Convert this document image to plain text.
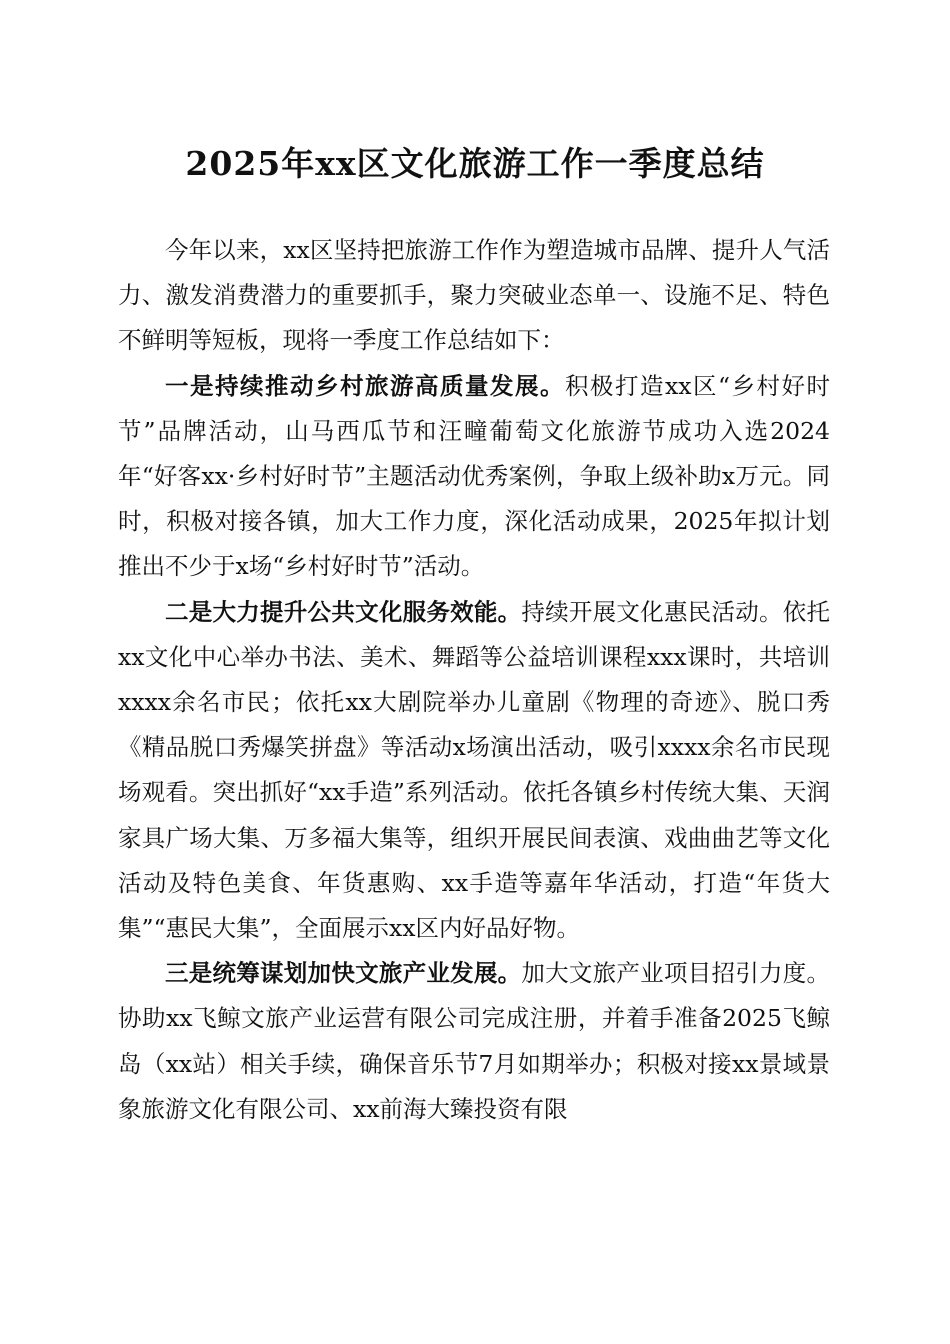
2025年xx区文化旅游工作一季度总结

今年以来，xx区坚持把旅游工作作为塑造城市品牌、提升人气活力、激发消费潜力的重要抓手，聚力突破业态单一、设施不足、特色不鲜明等短板，现将一季度工作总结如下：

一是持续推动乡村旅游高质量发展。积极打造xx区“乡村好时节”品牌活动，山马西瓜节和汪疃葡萄文化旅游节成功入选2024年“好客xx·乡村好时节”主题活动优秀案例，争取上级补助x万元。同时，积极对接各镇，加大工作力度，深化活动成果，2025年拟计划推出不少于x场“乡村好时节”活动。

二是大力提升公共文化服务效能。持续开展文化惠民活动。依托xx文化中心举办书法、美术、舞蹈等公益培训课程xxx课时，共培训xxxx余名市民；依托xx大剧院举办儿童剧《物理的奇迹》、脱口秀《精品脱口秀爆笑拼盘》等活动x场演出活动，吸引xxxx余名市民现场观看。突出抓好“xx手造”系列活动。依托各镇乡村传统大集、天润家具广场大集、万多福大集等，组织开展民间表演、戏曲曲艺等文化活动及特色美食、年货惠购、xx手造等嘉年华活动，打造“年货大集”“惠民大集”，全面展示xx区内好品好物。

三是统筹谋划加快文旅产业发展。加大文旅产业项目招引力度。协助xx飞鲸文旅产业运营有限公司完成注册，并着手准备2025飞鲸岛（xx站）相关手续，确保音乐节7月如期举办；积极对接xx景域景象旅游文化有限公司、xx前海大臻投资有限
